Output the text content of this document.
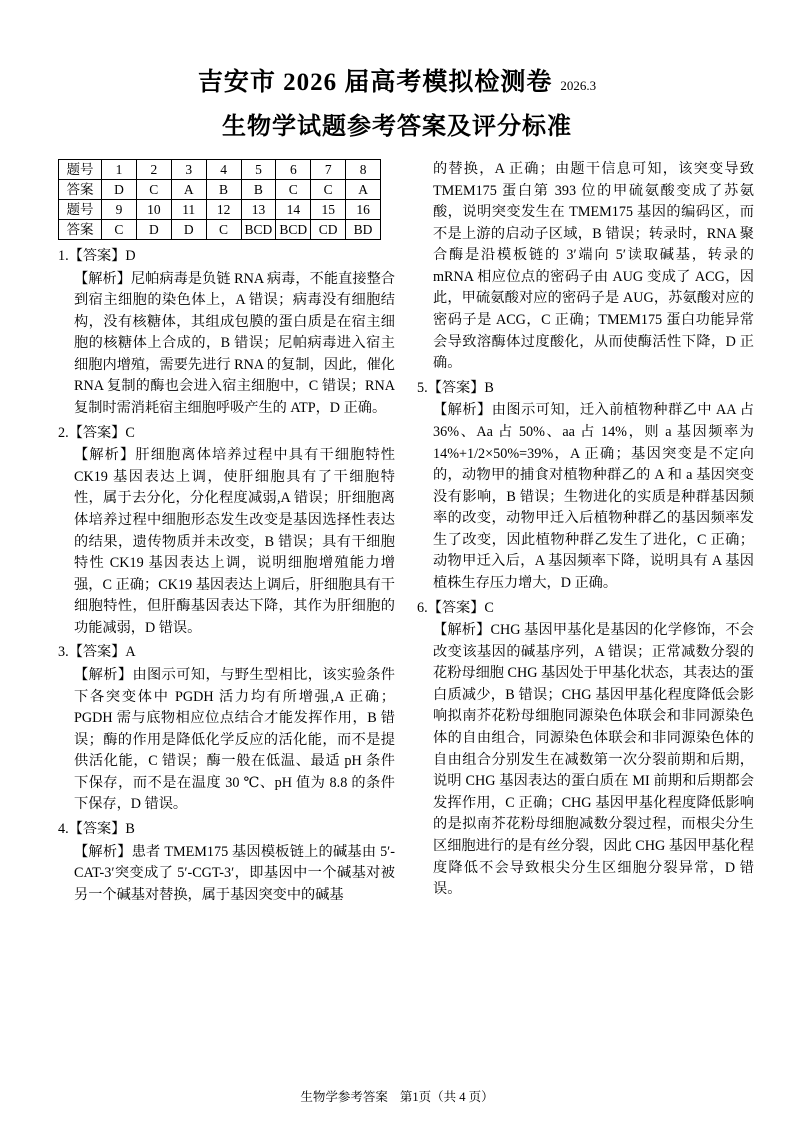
吉安市 2026 届高考模拟检测卷 2026.3
生物学试题参考答案及评分标准
题号	1	2	3	4	5	6	7	8
答案	D	C	A	B	B	C	C	A
题号	9	10	11	12	13	14	15	16
答案	C	D	D	C	BCD	BCD	CD	BD
1.【答案】D
【解析】尼帕病毒是负链 RNA 病毒，不能直接整合到宿主细胞的染色体上，A 错误；病毒没有细胞结构，没有核糖体，其组成包膜的蛋白质是在宿主细胞的核糖体上合成的，B 错误；尼帕病毒进入宿主细胞内增殖，需要先进行 RNA 的复制，因此，催化 RNA 复制的酶也会进入宿主细胞中，C 错误；RNA 复制时需消耗宿主细胞呼吸产生的 ATP，D 正确。
2.【答案】C
【解析】肝细胞离体培养过程中具有干细胞特性 CK19 基因表达上调，使肝细胞具有了干细胞特性，属于去分化，分化程度减弱,A 错误；肝细胞离体培养过程中细胞形态发生改变是基因选择性表达的结果，遗传物质并未改变，B 错误；具有干细胞特性 CK19 基因表达上调，说明细胞增殖能力增强，C 正确；CK19 基因表达上调后，肝细胞具有干细胞特性，但肝酶基因表达下降，其作为肝细胞的功能减弱，D 错误。
3.【答案】A
【解析】由图示可知，与野生型相比，该实验条件下各突变体中 PGDH 活力均有所增强,A 正确；PGDH 需与底物相应位点结合才能发挥作用，B 错误；酶的作用是降低化学反应的活化能，而不是提供活化能，C 错误；酶一般在低温、最适 pH 条件下保存，而不是在温度 30 ℃、pH 值为 8.8 的条件下保存，D 错误。
4.【答案】B
【解析】患者 TMEM175 基因模板链上的碱基由 5′-CAT-3′突变成了 5′-CGT-3′，即基因中一个碱基对被另一个碱基对替换，属于基因突变中的碱基
的替换，A 正确；由题干信息可知，该突变导致 TMEM175 蛋白第 393 位的甲硫氨酸变成了苏氨酸，说明突变发生在 TMEM175 基因的编码区，而不是上游的启动子区域，B 错误；转录时，RNA 聚合酶是沿模板链的 3′端向 5′读取碱基，转录的 mRNA 相应位点的密码子由 AUG 变成了 ACG，因此，甲硫氨酸对应的密码子是 AUG，苏氨酸对应的密码子是 ACG，C 正确；TMEM175 蛋白功能异常会导致溶酶体过度酸化，从而使酶活性下降，D 正确。
5.【答案】B
【解析】由图示可知，迁入前植物种群乙中 AA 占 36%、Aa 占 50%、aa 占 14%，则 a 基因频率为 14%+1/2×50%=39%，A 正确；基因突变是不定向的，动物甲的捕食对植物种群乙的 A 和 a 基因突变没有影响，B 错误；生物进化的实质是种群基因频率的改变，动物甲迁入后植物种群乙的基因频率发生了改变，因此植物种群乙发生了进化，C 正确；动物甲迁入后，A 基因频率下降，说明具有 A 基因植株生存压力增大，D 正确。
6.【答案】C
【解析】CHG 基因甲基化是基因的化学修饰，不会改变该基因的碱基序列，A 错误；正常减数分裂的花粉母细胞 CHG 基因处于甲基化状态，其表达的蛋白质减少，B 错误；CHG 基因甲基化程度降低会影响拟南芥花粉母细胞同源染色体联会和非同源染色体的自由组合，同源染色体联会和非同源染色体的自由组合分别发生在减数第一次分裂前期和后期，说明 CHG 基因表达的蛋白质在 MI 前期和后期都会发挥作用，C 正确；CHG 基因甲基化程度降低影响的是拟南芥花粉母细胞减数分裂过程，而根尖分生区细胞进行的是有丝分裂，因此 CHG 基因甲基化程度降低不会导致根尖分生区细胞分裂异常，D 错误。
生物学参考答案 第1页（共 4 页）
